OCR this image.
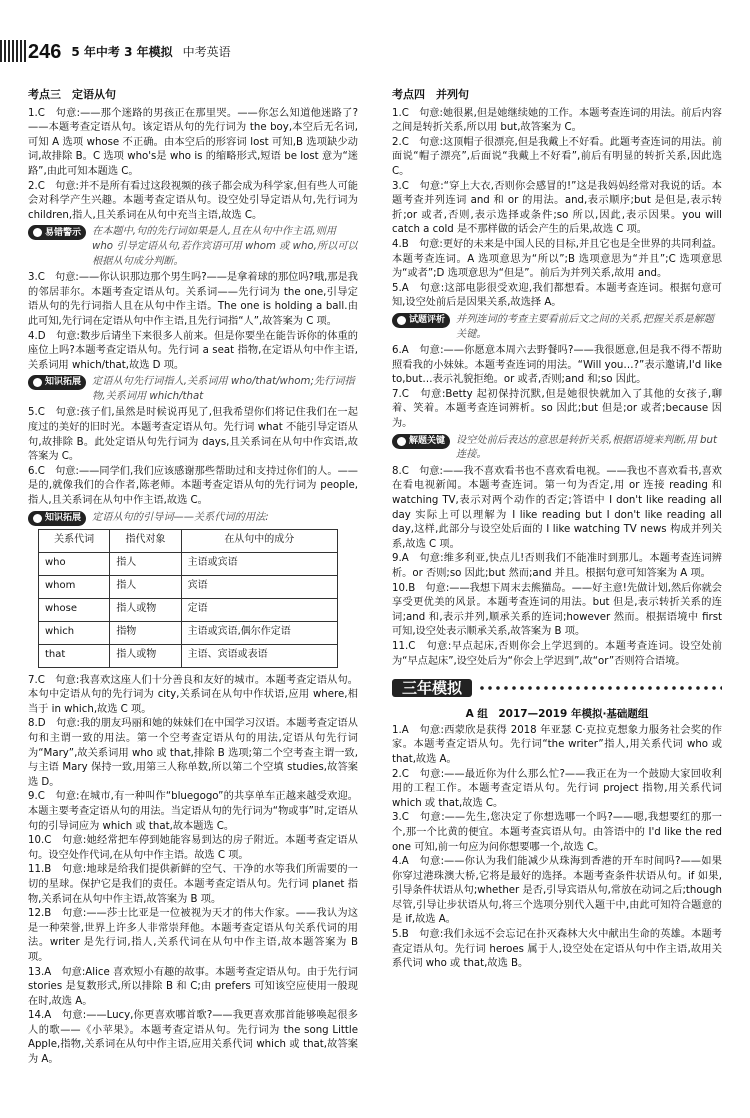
246 5 年中考 3 年模拟 中考英语
考点三　定语从句

1.C　句意:——那个迷路的男孩正在那里哭。——你怎么知道他迷路了?——本题考查定语从句。该定语从句的先行词为 the boy,本空后无名词,可知 A 选项 whose 不正确。由本空后的形容词 lost 可知,B 选项缺少动词,故排除 B。C 选项 who's是 who is 的缩略形式,短语 be lost 意为“迷路”,由此可知本题选 C。

2.C　句意:并不是所有看过这段视频的孩子都会成为科学家,但有些人可能会对科学产生兴趣。本题考查定语从句。设空处引导定语从句,先行词为 children,指人,且关系词在从句中充当主语,故选 C。

易错警示 在本题中,句的先行词如果是人,且在从句中作主语,则用 who 引导定语从句,若作宾语可用 whom 或 who,所以可以根据从句成分判断。

3.C　句意:——你认识那边那个男生吗?——是拿着球的那位吗?哦,那是我的邻居菲尔。本题考查定语从句。关系词——先行词为 the one,引导定语从句的先行词指人且在从句中作主语。The one is holding a ball.由此可知,先行词在定语从句中作主语,且先行词指“人”,故答案为 C 项。

4.D　句意:数步后请坐下来很多人前来。但是你要坐在能告诉你的体重的座位上吗?本题考查定语从句。先行词 a seat 指物,在定语从句中作主语,关系词用 which/that,故选 D 项。

知识拓展 定语从句先行词指人,关系词用 who/that/whom;先行词指物,关系词用 which/that

5.C　句意:孩子们,虽然是时候说再见了,但我希望你们将记住我们在一起度过的美好的旧时光。本题考查定语从句。先行词 what 不能引导定语从句,故排除 B。此处定语从句先行词为 days,且关系词在从句中作宾语,故答案为 C。

6.C　句意:——同学们,我们应该感谢那些帮助过和支持过你们的人。——是的,就像我们的合作者,陈老师。本题考查定语从句的先行词为 people,指人,且关系词在从句中作主语,故选 C。

知识拓展 定语从句的引导词——关系代词的用法:
关系代词	指代对象	在从句中的成分
who	指人	主语或宾语
whom	指人	宾语
whose	指人或物	定语
which	指物	主语或宾语,偶尔作定语
that	指人或物	主语、宾语或表语

7.C　句意:我喜欢这座人们十分善良和友好的城市。本题考查定语从句。本句中定语从句的先行词为 city,关系词在从句中作状语,应用 where,相当于 in which,故选 C 项。

8.D　句意:我的朋友玛丽和她的妹妹们在中国学习汉语。本题考查定语从句和主谓一致的用法。第一个空考查定语从句的用法,定语从句先行词为“Mary”,故关系词用 who 或 that,排除 B 选项;第二个空考查主谓一致,与主语 Mary 保持一致,用第三人称单数,所以第二个空填 studies,故答案选 D。

9.C　句意:在城市,有一种叫作“bluegogo”的共享单车正越来越受欢迎。本题主要考查定语从句的用法。当定语从句的先行词为“物或事”时,定语从句的引导词应为 which 或 that,故本题选 C。

10.C　句意:她经常把车停到她能容易到达的房子附近。本题考查定语从句。设空处作代词,在从句中作主语。故选 C 项。

11.B　句意:地球是给我们提供新鲜的空气、干净的水等我们所需要的一切的星球。保护它是我们的责任。本题考查定语从句。先行词 planet 指物,关系词在从句中作主语,故答案为 B 项。

12.B　句意:——莎士比亚是一位被视为天才的伟大作家。——我认为这是一种荣誉,世界上许多人非常崇拜他。本题考查定语从句关系代词的用法。writer 是先行词,指人,关系代词在从句中作主语,故本题答案为 B 项。

13.A　句意:Alice 喜欢短小有趣的故事。本题考查定语从句。由于先行词 stories 是复数形式,所以排除 B 和 C;由 prefers 可知该空应使用一般现在时,故选 A。

14.A　句意:——Lucy,你更喜欢哪首歌?——我更喜欢那首能够唤起很多人的歌——《小苹果》。本题考查定语从句。先行词为 the song Little Apple,指物,关系词在从句中作主语,应用关系代词 which 或 that,故答案为 A。

考点四　并列句

1.C　句意:她很累,但是她继续她的工作。本题考查连词的用法。前后内容之间是转折关系,所以用 but,故答案为 C。

2.C　句意:这顶帽子很漂亮,但是我戴上不好看。此题考查连词的用法。前面说“帽子漂亮”,后面说“我戴上不好看”,前后有明显的转折关系,因此选 C。

3.C　句意:“穿上大衣,否则你会感冒的!”这是我妈妈经常对我说的话。本题考查并列连词 and 和 or 的用法。and,表示顺序;but 是但是,表示转折;or 或者,否则,表示选择或条件;so 所以,因此,表示因果。you will catch a cold 是不那样做的话会产生的后果,故选 C 项。

4.B　句意:更好的未来是中国人民的目标,并且它也是全世界的共同利益。本题考查连词。A 选项意思为“所以”;B 选项意思为“并且”;C 选项意思为“或者”;D 选项意思为“但是”。前后为并列关系,故用 and。

5.A　句意:这部电影很受欢迎,我们都想看。本题考查连词。根据句意可知,设空处前后是因果关系,故选择 A。

试题评析 并列连词的考查主要看前后文之间的关系,把握关系是解题关键。

6.A　句意:——你愿意本周六去野餐吗?——我很愿意,但是我不得不帮助照看我的小妹妹。本题考查连词的用法。“Will you…?”表示邀请,I'd like to,but…表示礼貌拒绝。or 或者,否则;and 和;so 因此。

7.C　句意:Betty 起初保持沉默,但是她很快就加入了其他的女孩子,聊着、笑着。本题考查连词辨析。so 因此;but 但是;or 或者;because 因为。

解题关键 设空处前后表达的意思是转折关系,根据语境来判断,用 but 连接。

8.C　句意:——我不喜欢看书也不喜欢看电视。——我也不喜欢看书,喜欢在看电视新闻。本题考查连词。第一句为否定,用 or 连接 reading 和 watching TV,表示对两个动作的否定;答语中 I don't like reading all day 实际上可以理解为 I like reading but I don't like reading all day,这样,此部分与设空处后面的 I like watching TV news 构成并列关系,故选 C 项。

9.A　句意:维多利亚,快点儿!否则我们不能准时到那儿。本题考查连词辨析。or 否则;so 因此;but 然而;and 并且。根据句意可知答案为 A 项。

10.B　句意:——我想下周末去熊猫岛。——好主意!先做计划,然后你就会享受更优美的风景。本题考查连词的用法。but 但是,表示转折关系的连词;and 和,表示并列,顺承关系的连词;however 然而。根据语境中 first 可知,设空处表示顺承关系,故答案为 B 项。

11.C　句意:早点起床,否则你会上学迟到的。本题考查连词。设空处前为“早点起床”,设空处后为“你会上学迟到”,故“or”否则符合语境。

三年模拟
A 组　2017—2019 年模拟·基础题组

1.A　句意:西蒙欣是获得 2018 年亚瑟 C·克拉克想象力服务社会奖的作家。本题考查定语从句。先行词“the writer”指人,用关系代词 who 或 that,故选 A。

2.C　句意:——最近你为什么那么忙?——我正在为一个鼓励大家回收利用的工程工作。本题考查定语从句。先行词 project 指物,用关系代词 which 或 that,故选 C。

3.C　句意:——先生,您决定了你想选哪一个吗?——嗯,我想要红的那一个,那一个比黄的便宜。本题考查宾语从句。由答语中的 I'd like the red one 可知,前一句应为问你想要哪一个,故选 C。

4.A　句意:——你认为我们能减少从珠海到香港的开车时间吗?——如果你穿过港珠澳大桥,它将是最好的选择。本题考查条件状语从句。if 如果,引导条件状语从句;whether 是否,引导宾语从句,常放在动词之后;though 尽管,引导让步状语从句,将三个选项分别代入题干中,由此可知符合题意的是 if,故选 A。

5.B　句意:我们永远不会忘记在扑灭森林大火中献出生命的英雄。本题考查定语从句。先行词 heroes 属于人,设空处在定语从句中作主语,故用关系代词 who 或 that,故选 B。
